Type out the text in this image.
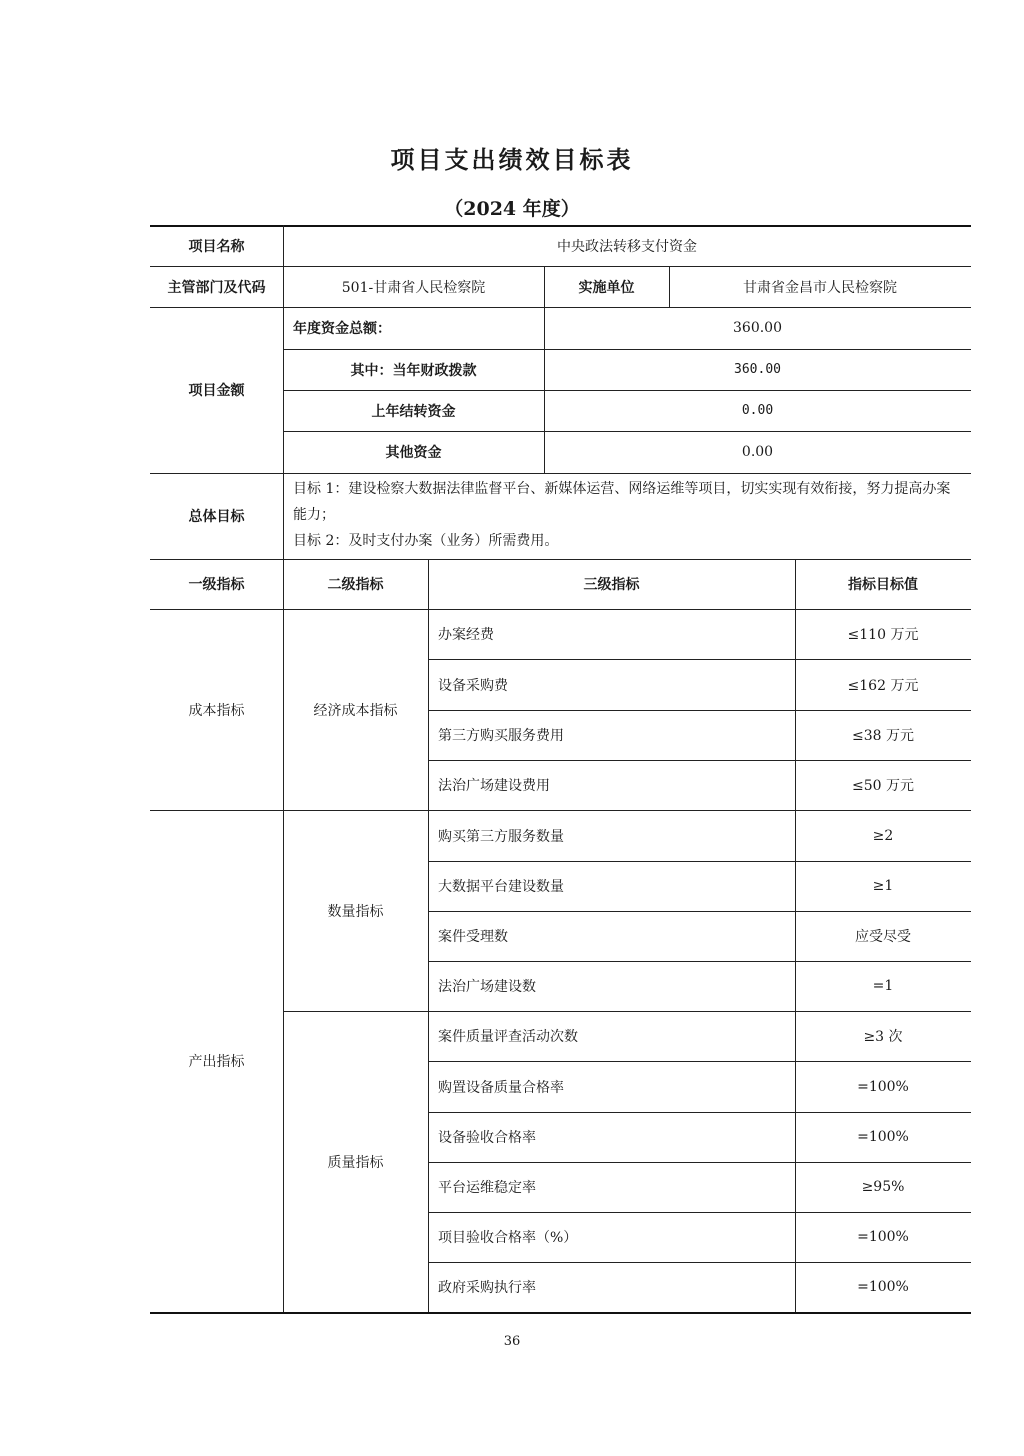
项目支出绩效目标表
（2024 年度）
项目名称	中央政法转移支付资金
主管部门及代码	501-甘肃省人民检察院	实施单位	甘肃省金昌市人民检察院
项目金额
年度资金总额：	360.00
其中：当年财政拨款	360.00
上年结转资金	0.00
其他资金	0.00
总体目标
目标 1：建设检察大数据法律监督平台、新媒体运营、网络运维等项目，切实实现有效衔接，努力提高办案能力；
目标 2：及时支付办案（业务）所需费用。
一级指标	二级指标	三级指标	指标目标值
成本指标	经济成本指标
办案经费	≤110 万元
设备采购费	≤162 万元
第三方购买服务费用	≤38 万元
法治广场建设费用	≤50 万元
产出指标
数量指标
购买第三方服务数量	≥2
大数据平台建设数量	≥1
案件受理数	应受尽受
法治广场建设数	=1
质量指标
案件质量评查活动次数	≥3 次
购置设备质量合格率	=100%
设备验收合格率	=100%
平台运维稳定率	≥95%
项目验收合格率（%）	=100%
政府采购执行率	=100%
36
